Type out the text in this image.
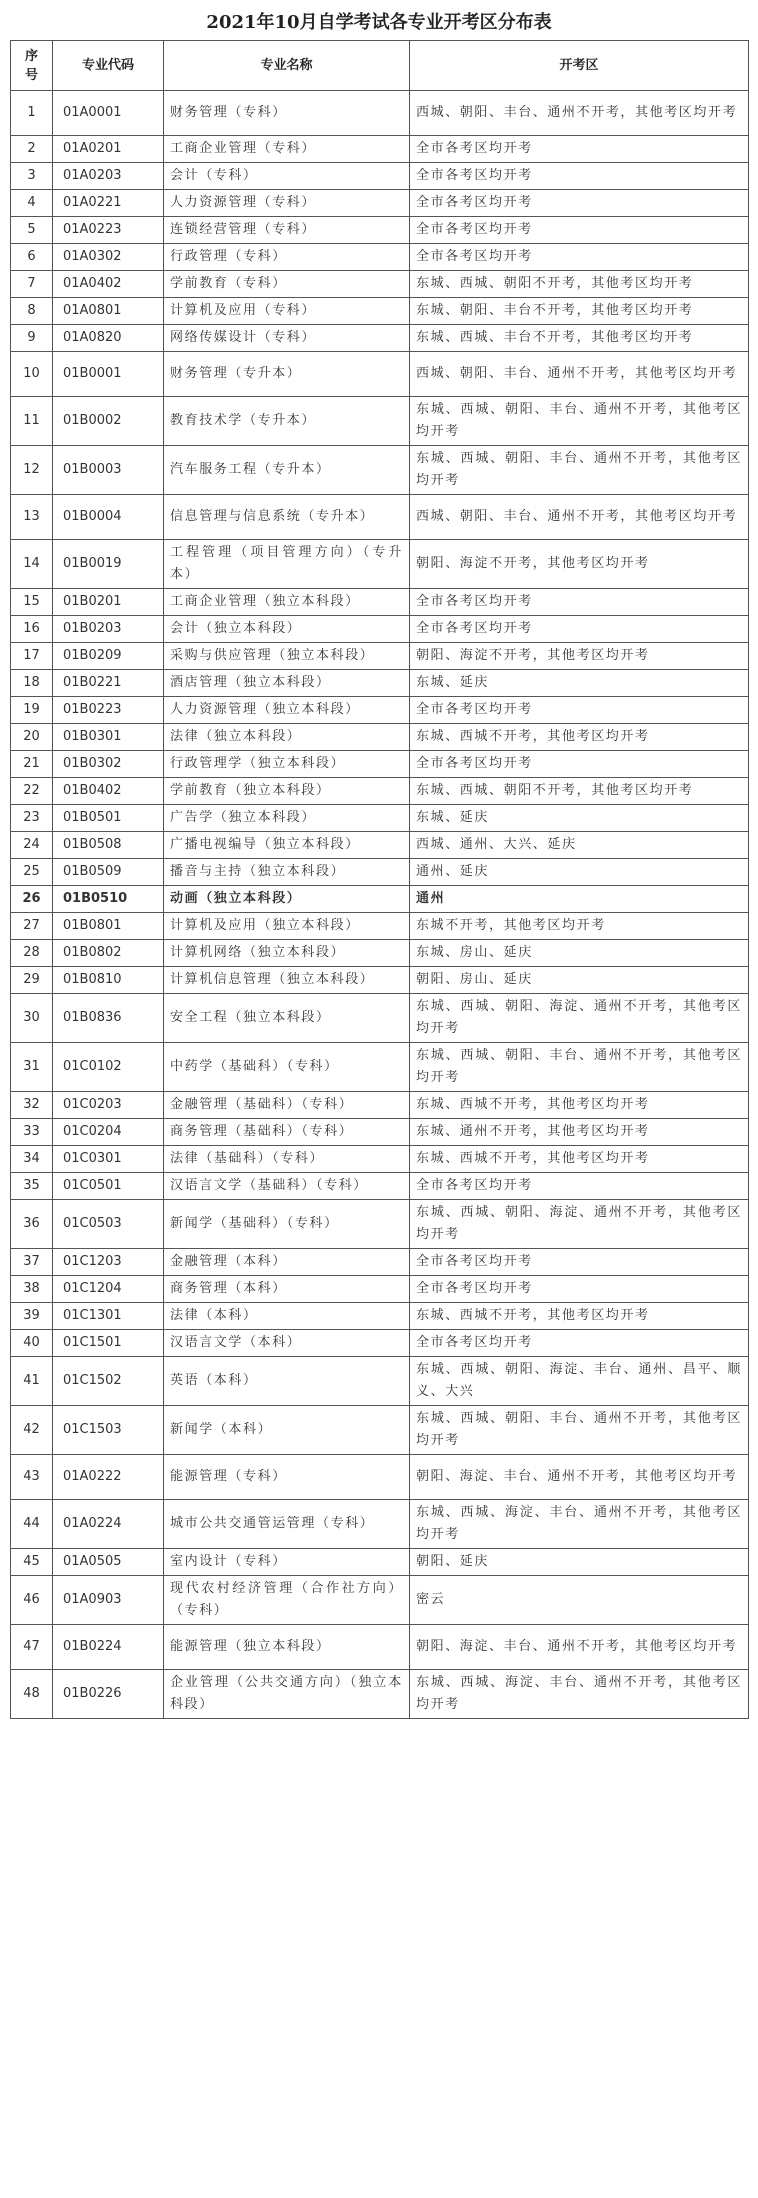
2021年10月自学考试各专业开考区分布表
序号	专业代码	专业名称	开考区
1	01A0001	财务管理（专科）	西城、朝阳、丰台、通州不开考，其他考区均开考
2	01A0201	工商企业管理（专科）	全市各考区均开考
3	01A0203	会计（专科）	全市各考区均开考
4	01A0221	人力资源管理（专科）	全市各考区均开考
5	01A0223	连锁经营管理（专科）	全市各考区均开考
6	01A0302	行政管理（专科）	全市各考区均开考
7	01A0402	学前教育（专科）	东城、西城、朝阳不开考，其他考区均开考
8	01A0801	计算机及应用（专科）	东城、朝阳、丰台不开考，其他考区均开考
9	01A0820	网络传媒设计（专科）	东城、西城、丰台不开考，其他考区均开考
10	01B0001	财务管理（专升本）	西城、朝阳、丰台、通州不开考，其他考区均开考
11	01B0002	教育技术学（专升本）	东城、西城、朝阳、丰台、通州不开考，其他考区均开考
12	01B0003	汽车服务工程（专升本）	东城、西城、朝阳、丰台、通州不开考，其他考区均开考
13	01B0004	信息管理与信息系统（专升本）	西城、朝阳、丰台、通州不开考，其他考区均开考
14	01B0019	工程管理（项目管理方向）（专升本）	朝阳、海淀不开考，其他考区均开考
15	01B0201	工商企业管理（独立本科段）	全市各考区均开考
16	01B0203	会计（独立本科段）	全市各考区均开考
17	01B0209	采购与供应管理（独立本科段）	朝阳、海淀不开考，其他考区均开考
18	01B0221	酒店管理（独立本科段）	东城、延庆
19	01B0223	人力资源管理（独立本科段）	全市各考区均开考
20	01B0301	法律（独立本科段）	东城、西城不开考，其他考区均开考
21	01B0302	行政管理学（独立本科段）	全市各考区均开考
22	01B0402	学前教育（独立本科段）	东城、西城、朝阳不开考，其他考区均开考
23	01B0501	广告学（独立本科段）	东城、延庆
24	01B0508	广播电视编导（独立本科段）	西城、通州、大兴、延庆
25	01B0509	播音与主持（独立本科段）	通州、延庆
26	01B0510	动画（独立本科段）	通州
27	01B0801	计算机及应用（独立本科段）	东城不开考，其他考区均开考
28	01B0802	计算机网络（独立本科段）	东城、房山、延庆
29	01B0810	计算机信息管理（独立本科段）	朝阳、房山、延庆
30	01B0836	安全工程（独立本科段）	东城、西城、朝阳、海淀、通州不开考，其他考区均开考
31	01C0102	中药学（基础科）（专科）	东城、西城、朝阳、丰台、通州不开考，其他考区均开考
32	01C0203	金融管理（基础科）（专科）	东城、西城不开考，其他考区均开考
33	01C0204	商务管理（基础科）（专科）	东城、通州不开考，其他考区均开考
34	01C0301	法律（基础科）（专科）	东城、西城不开考，其他考区均开考
35	01C0501	汉语言文学（基础科）（专科）	全市各考区均开考
36	01C0503	新闻学（基础科）（专科）	东城、西城、朝阳、海淀、通州不开考，其他考区均开考
37	01C1203	金融管理（本科）	全市各考区均开考
38	01C1204	商务管理（本科）	全市各考区均开考
39	01C1301	法律（本科）	东城、西城不开考，其他考区均开考
40	01C1501	汉语言文学（本科）	全市各考区均开考
41	01C1502	英语（本科）	东城、西城、朝阳、海淀、丰台、通州、昌平、顺义、大兴
42	01C1503	新闻学（本科）	东城、西城、朝阳、丰台、通州不开考，其他考区均开考
43	01A0222	能源管理（专科）	朝阳、海淀、丰台、通州不开考，其他考区均开考
44	01A0224	城市公共交通管运管理（专科）	东城、西城、海淀、丰台、通州不开考，其他考区均开考
45	01A0505	室内设计（专科）	朝阳、延庆
46	01A0903	现代农村经济管理（合作社方向）（专科）	密云
47	01B0224	能源管理（独立本科段）	朝阳、海淀、丰台、通州不开考，其他考区均开考
48	01B0226	企业管理（公共交通方向）（独立本科段）	东城、西城、海淀、丰台、通州不开考，其他考区均开考
